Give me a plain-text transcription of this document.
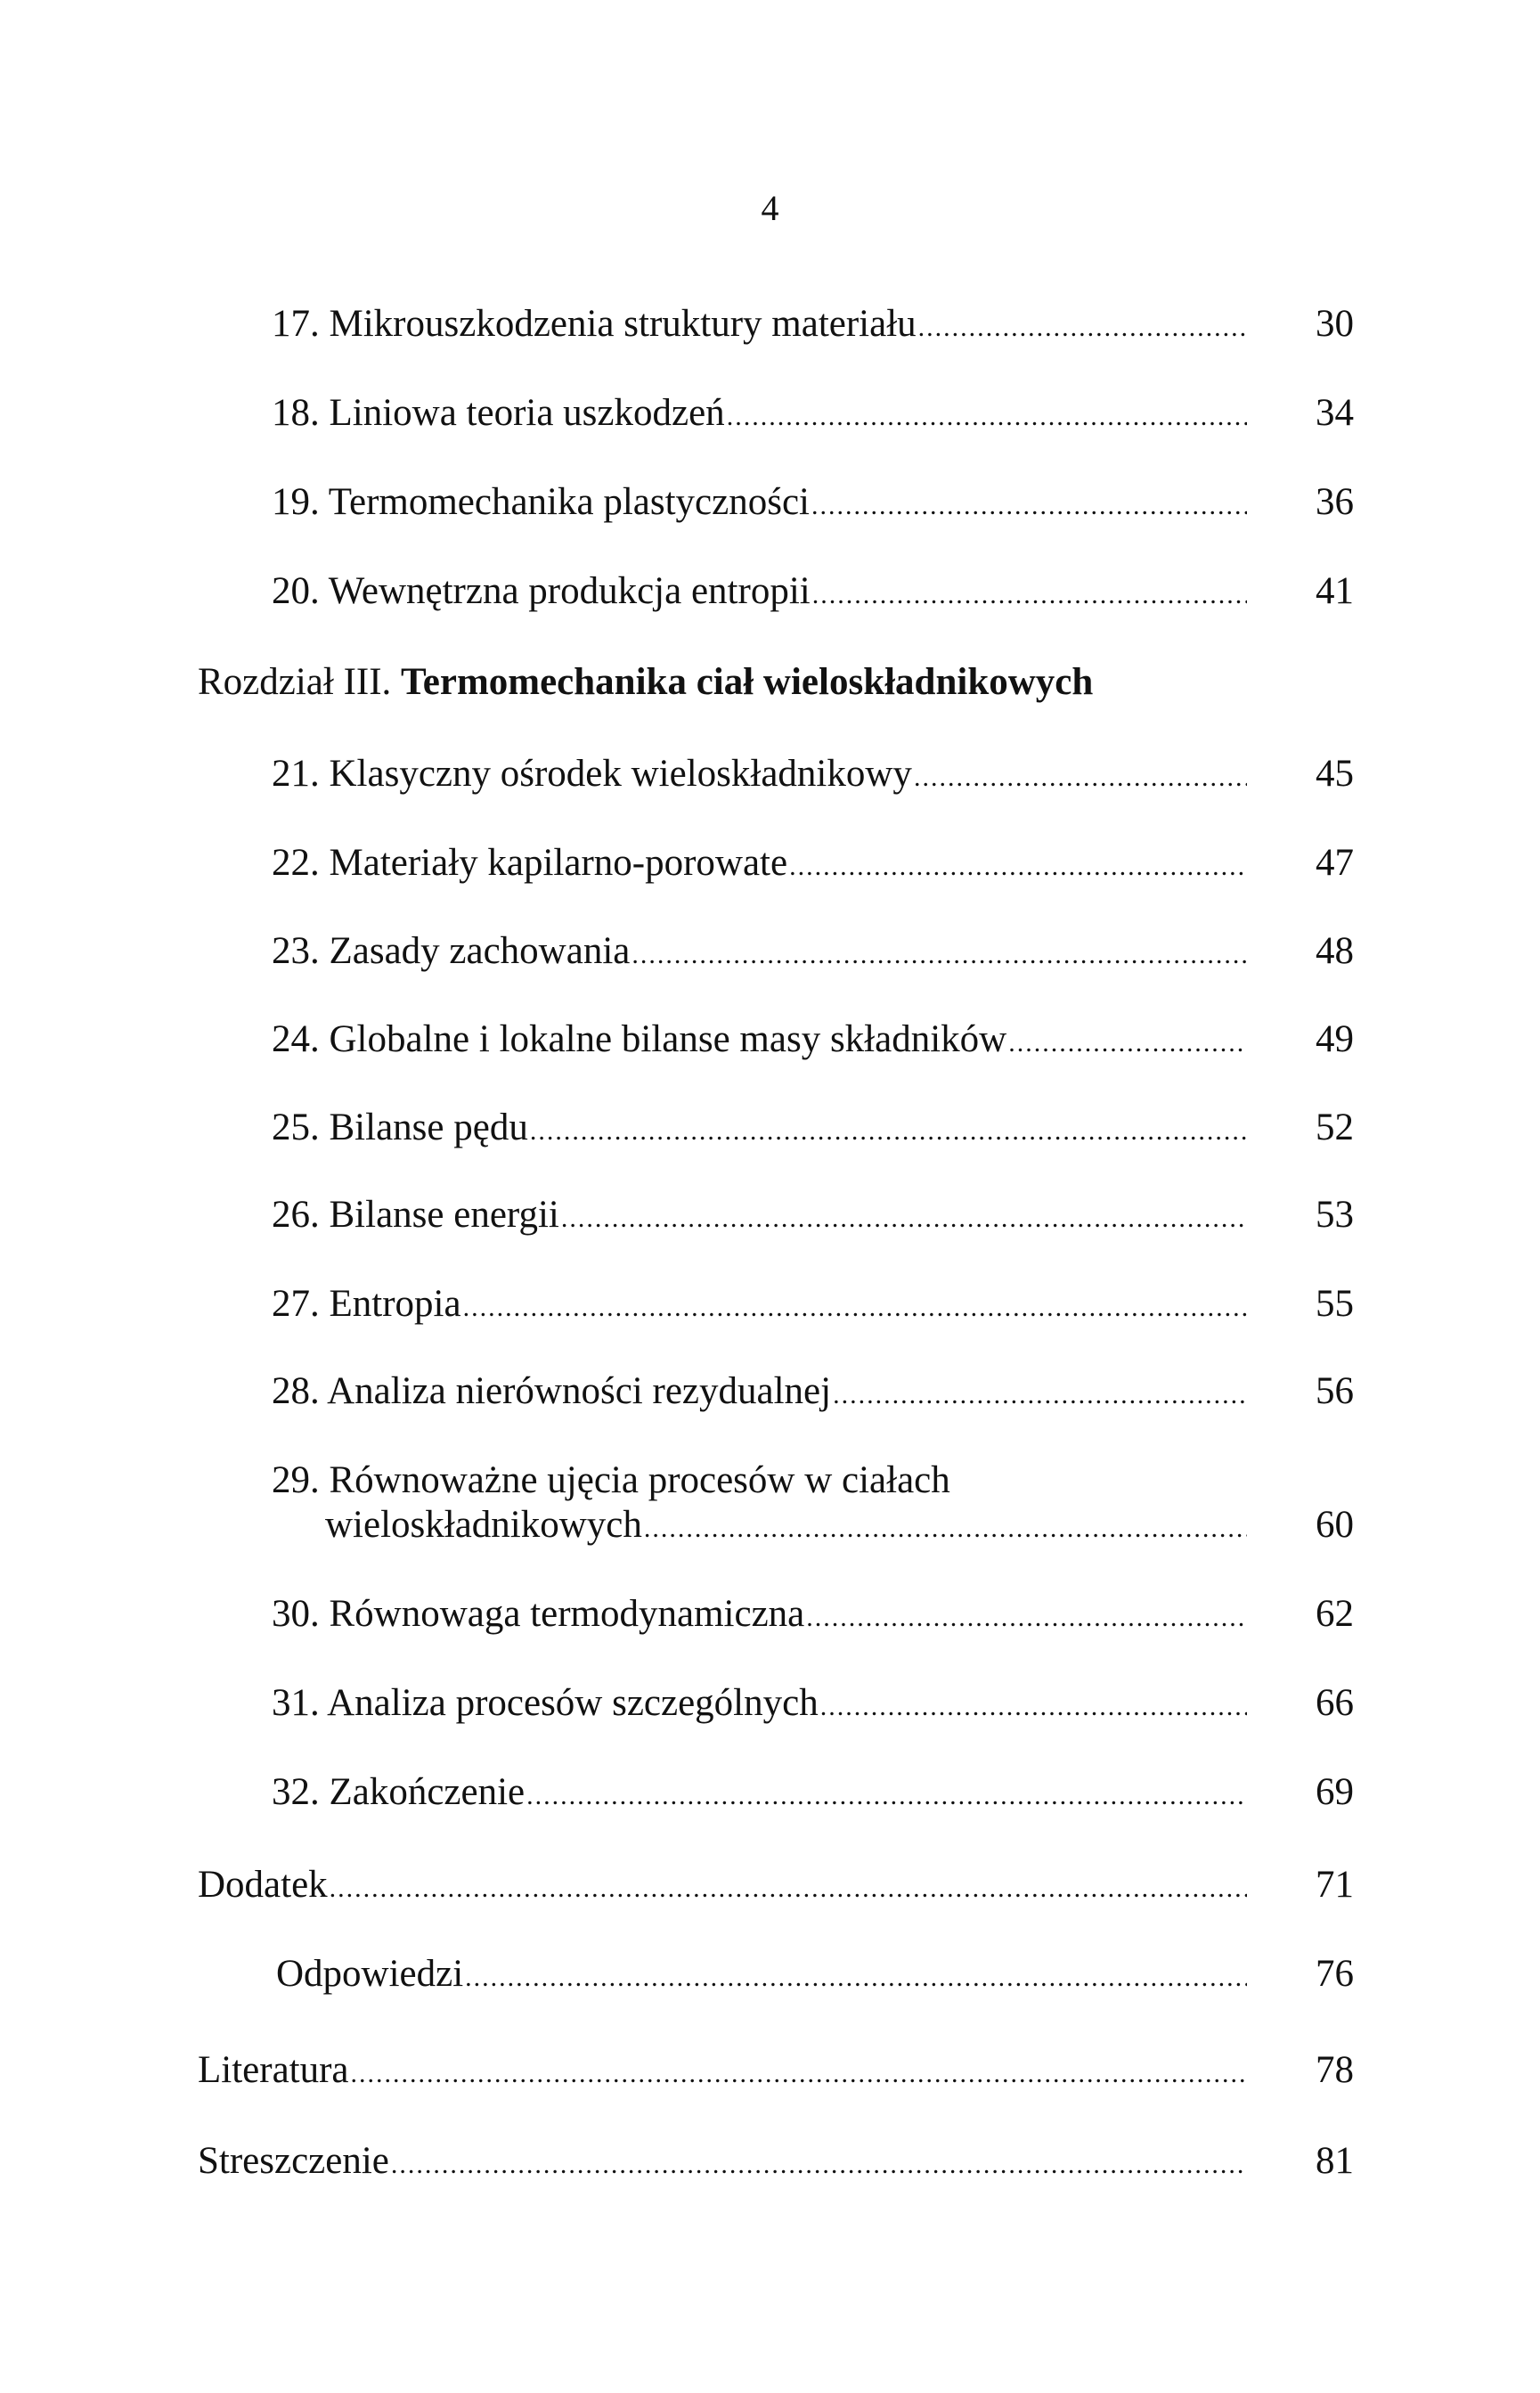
4
17. Mikrouszkodzenia struktury materiału .....	30
18. Liniowa teoria uszkodzeń .....	34
19. Termomechanika plastyczności .....	36
20. Wewnętrzna produkcja entropii .....	41
Rozdział III. Termomechanika ciał wieloskładnikowych
21. Klasyczny ośrodek wieloskładnikowy .....	45
22. Materiały kapilarno-porowate .....	47
23. Zasady zachowania .....	48
24. Globalne i lokalne bilanse masy składników .....	49
25. Bilanse pędu .....	52
26. Bilanse energii .....	53
27. Entropia .....	55
28. Analiza nierówności rezydualnej .....	56
29. Równoważne ujęcia procesów w ciałach
wieloskładnikowych .....	60
30. Równowaga termodynamiczna .....	62
31. Analiza procesów szczególnych .....	66
32. Zakończenie .....	69
Dodatek .....	71
Odpowiedzi .....	76
Literatura .....	78
Streszczenie .....	81
